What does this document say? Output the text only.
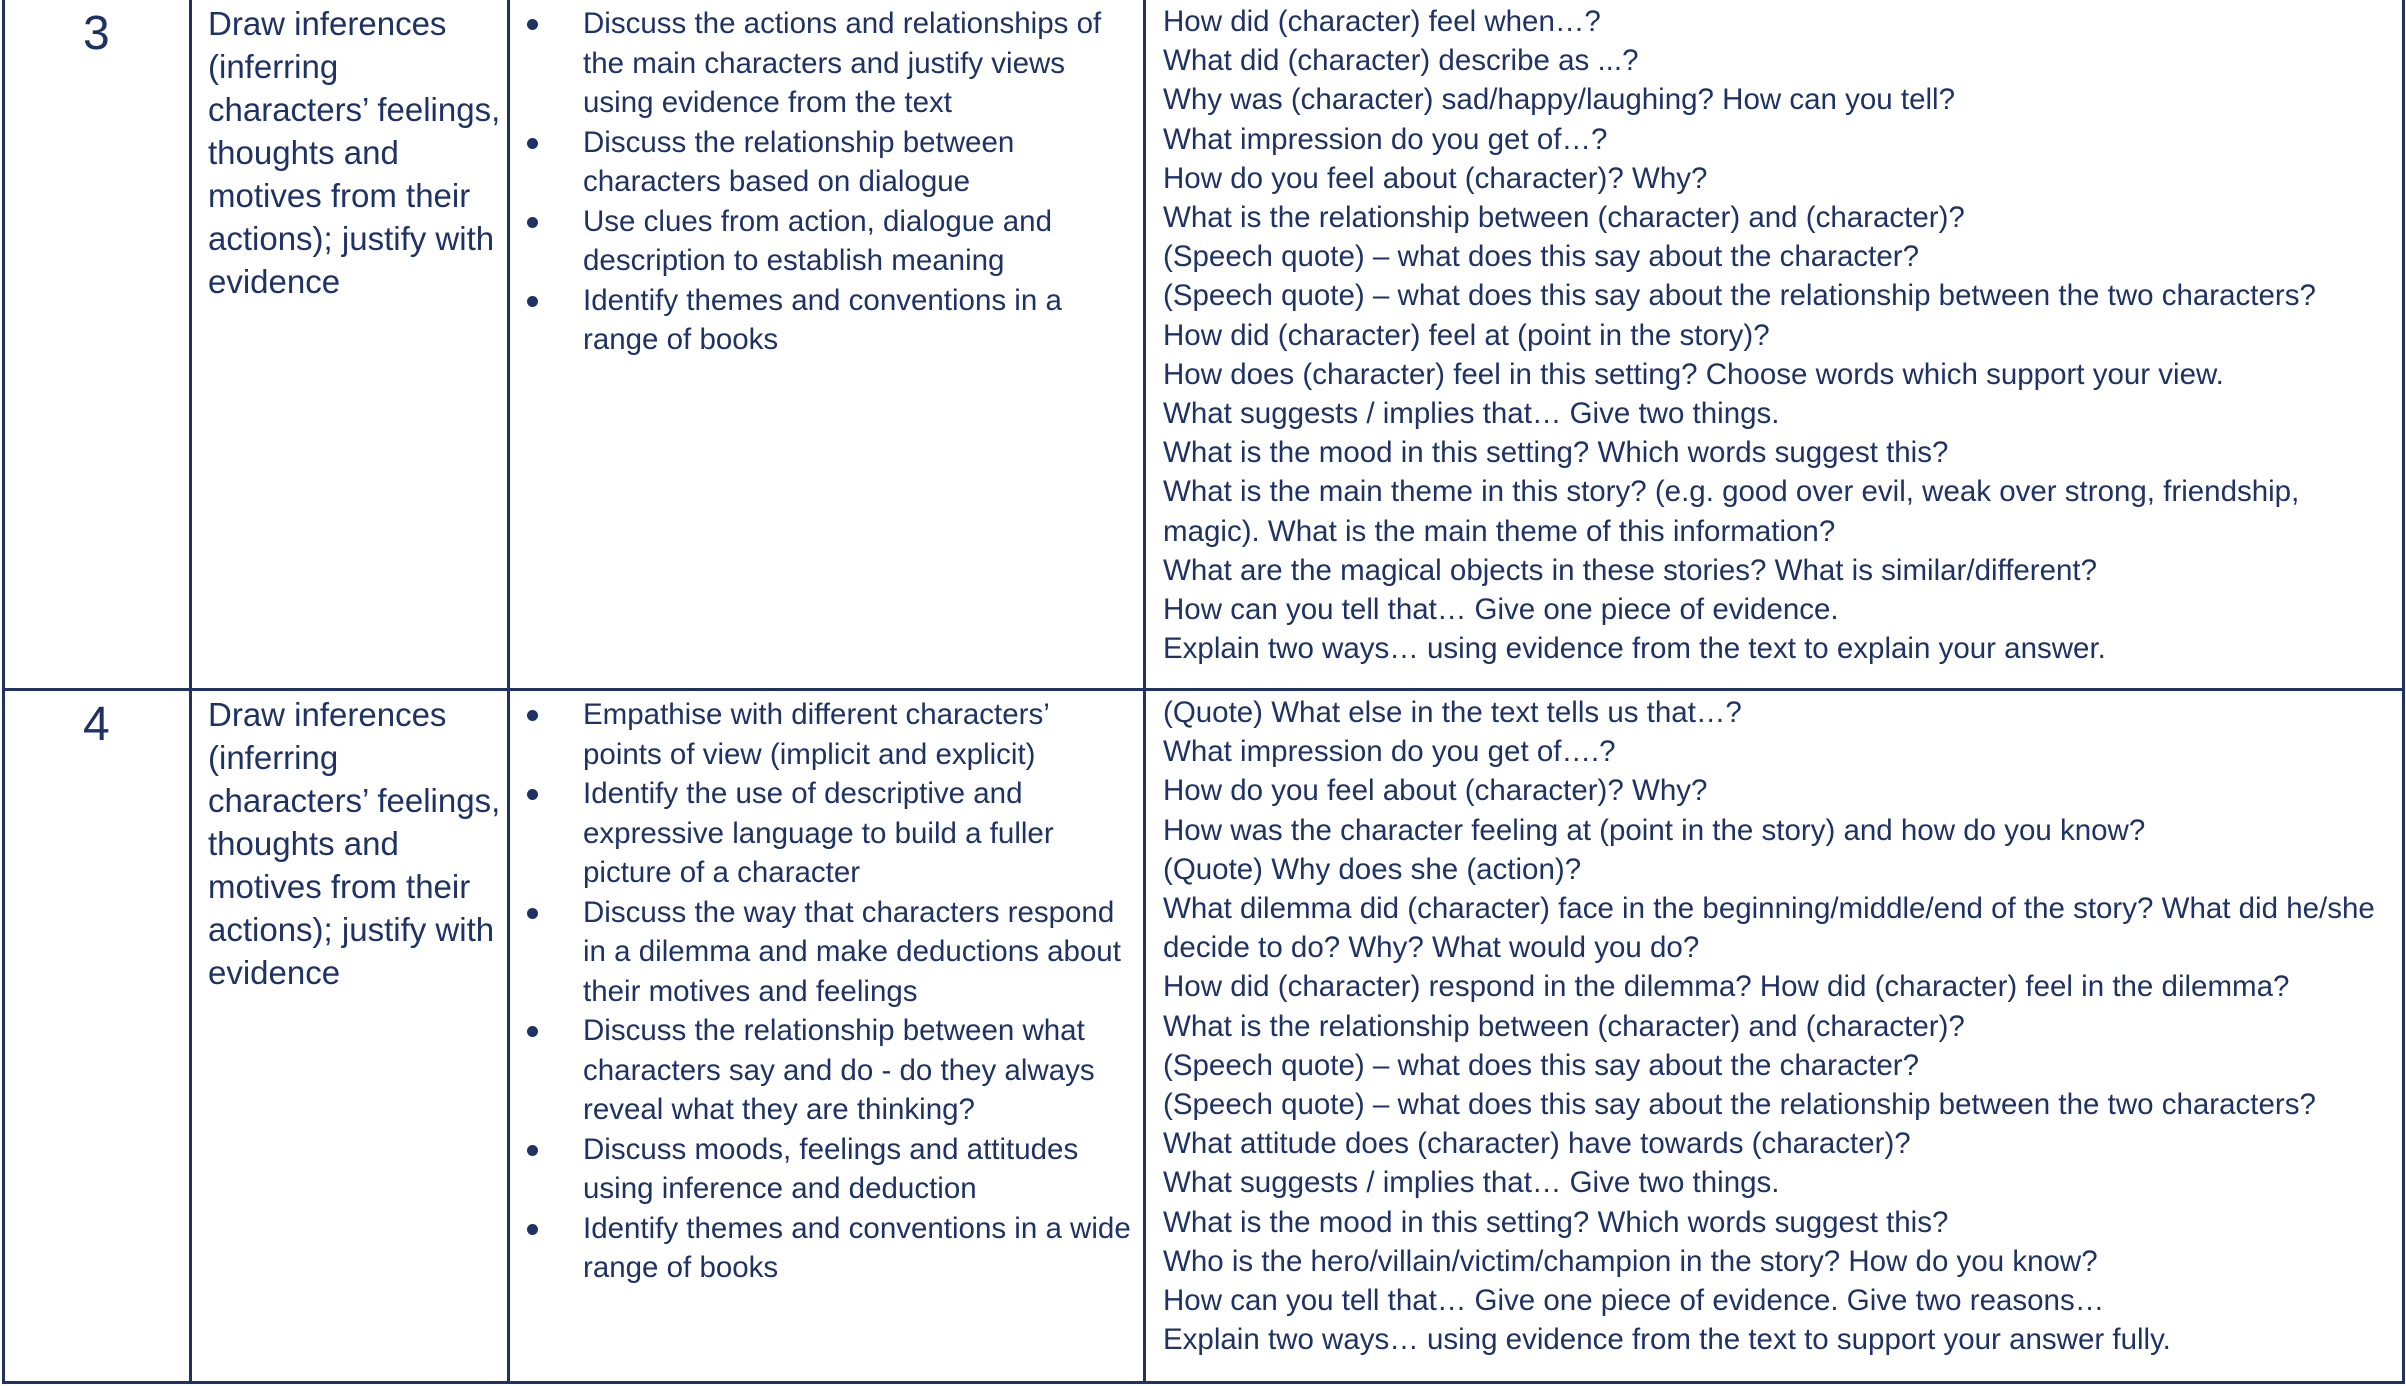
3	Draw inferences (inferring characters’ feelings, thoughts and motives from their actions); justify with evidence
Discuss the actions and relationships of the main characters and justify views using evidence from the text
Discuss the relationship between characters based on dialogue
Use clues from action, dialogue and description to establish meaning
Identify themes and conventions in a range of books
How did (character) feel when…?
What did (character) describe as ...?
Why was (character) sad/happy/laughing? How can you tell?
What impression do you get of…?
How do you feel about (character)? Why?
What is the relationship between (character) and (character)?
(Speech quote) – what does this say about the character?
(Speech quote) – what does this say about the relationship between the two characters?
How did (character) feel at (point in the story)?
How does (character) feel in this setting? Choose words which support your view.
What suggests / implies that… Give two things.
What is the mood in this setting? Which words suggest this?
What is the main theme in this story? (e.g. good over evil, weak over strong, friendship, magic). What is the main theme of this information?
What are the magical objects in these stories? What is similar/different?
How can you tell that… Give one piece of evidence.
Explain two ways… using evidence from the text to explain your answer.
4	Draw inferences (inferring characters’ feelings, thoughts and motives from their actions); justify with evidence
Empathise with different characters’ points of view (implicit and explicit)
Identify the use of descriptive and expressive language to build a fuller picture of a character
Discuss the way that characters respond in a dilemma and make deductions about their motives and feelings
Discuss the relationship between what characters say and do - do they always reveal what they are thinking?
Discuss moods, feelings and attitudes using inference and deduction
Identify themes and conventions in a wide range of books
(Quote) What else in the text tells us that…?
What impression do you get of….?
How do you feel about (character)? Why?
How was the character feeling at (point in the story) and how do you know?
(Quote) Why does she (action)?
What dilemma did (character) face in the beginning/middle/end of the story? What did he/she decide to do? Why? What would you do?
How did (character) respond in the dilemma? How did (character) feel in the dilemma?
What is the relationship between (character) and (character)?
(Speech quote) – what does this say about the character?
(Speech quote) – what does this say about the relationship between the two characters?
What attitude does (character) have towards (character)?
What suggests / implies that… Give two things.
What is the mood in this setting? Which words suggest this?
Who is the hero/villain/victim/champion in the story? How do you know?
How can you tell that… Give one piece of evidence. Give two reasons…
Explain two ways… using evidence from the text to support your answer fully.
